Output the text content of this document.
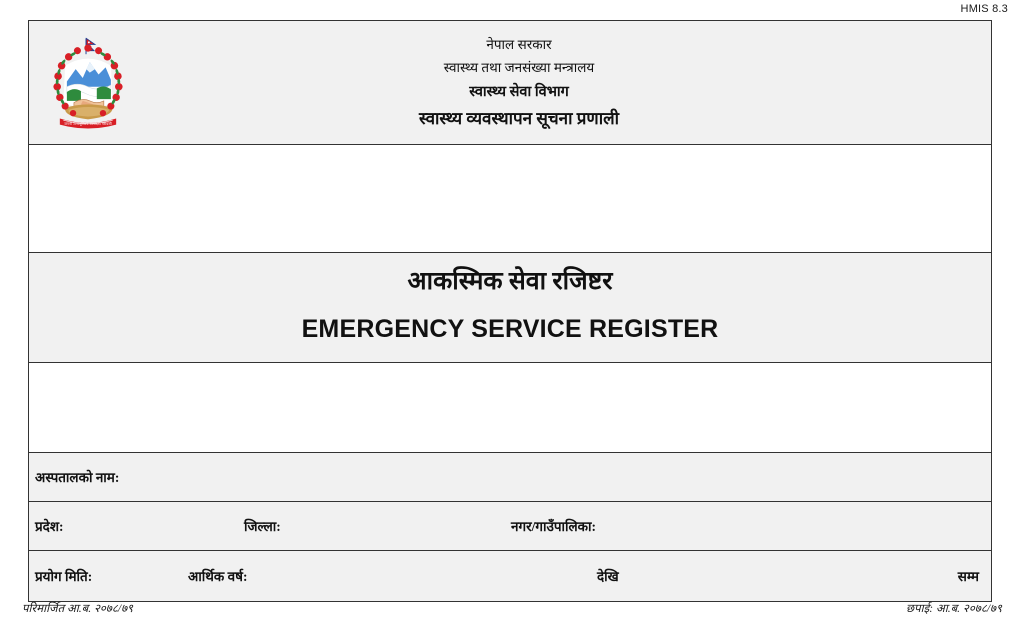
HMIS 8.3
जननी जन्मभूमिश्च स्वर्गादपि गरीयसी
नेपाल सरकार
स्वास्थ्य तथा जनसंख्या मन्त्रालय
स्वास्थ्य सेवा विभाग
स्वास्थ्य व्यवस्थापन सूचना प्रणाली
आकस्मिक सेवा रजिष्टर
EMERGENCY SERVICE REGISTER
अस्पतालको नाम:
प्रदेश:	जिल्ला:	नगर/गाउँपालिका:
प्रयोग मिति:	आर्थिक वर्ष:	देखि	सम्म
परिमार्जित आ.ब. २०७८/७९	छपाई: आ.ब. २०७८/७९
